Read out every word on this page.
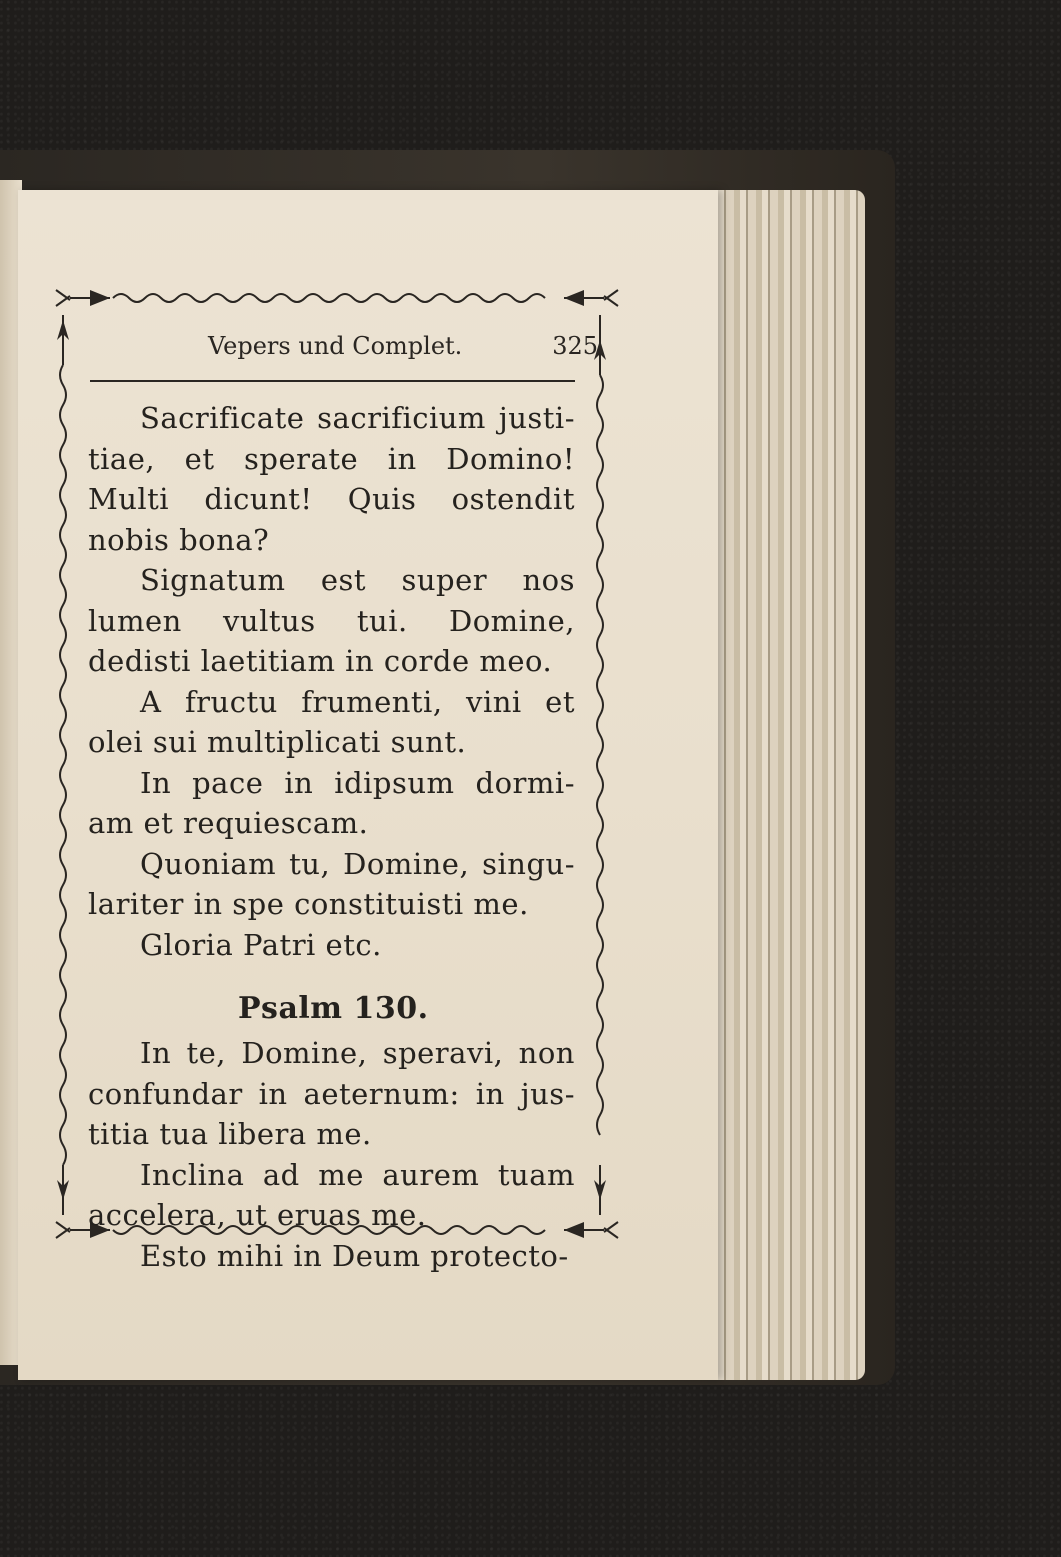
Vepers und Complet.	325

Sacrificate sacrificium justi-
tiae, et sperate in Domino!
Multi dicunt! Quis ostendit
nobis bona?

Signatum est super nos
lumen vultus tui. Domine,
dedisti laetitiam in corde meo.

A fructu frumenti, vini et
olei sui multiplicati sunt.

In pace in idipsum dormi-
am et requiescam.

Quoniam tu, Domine, singu-
lariter in spe constituisti me.

Gloria Patri etc.

Psalm 130.

In te, Domine, speravi, non
confundar in aeternum: in jus-
titia tua libera me.

Inclina ad me aurem tuam
accelera, ut eruas me.

Esto mihi in Deum protecto-
